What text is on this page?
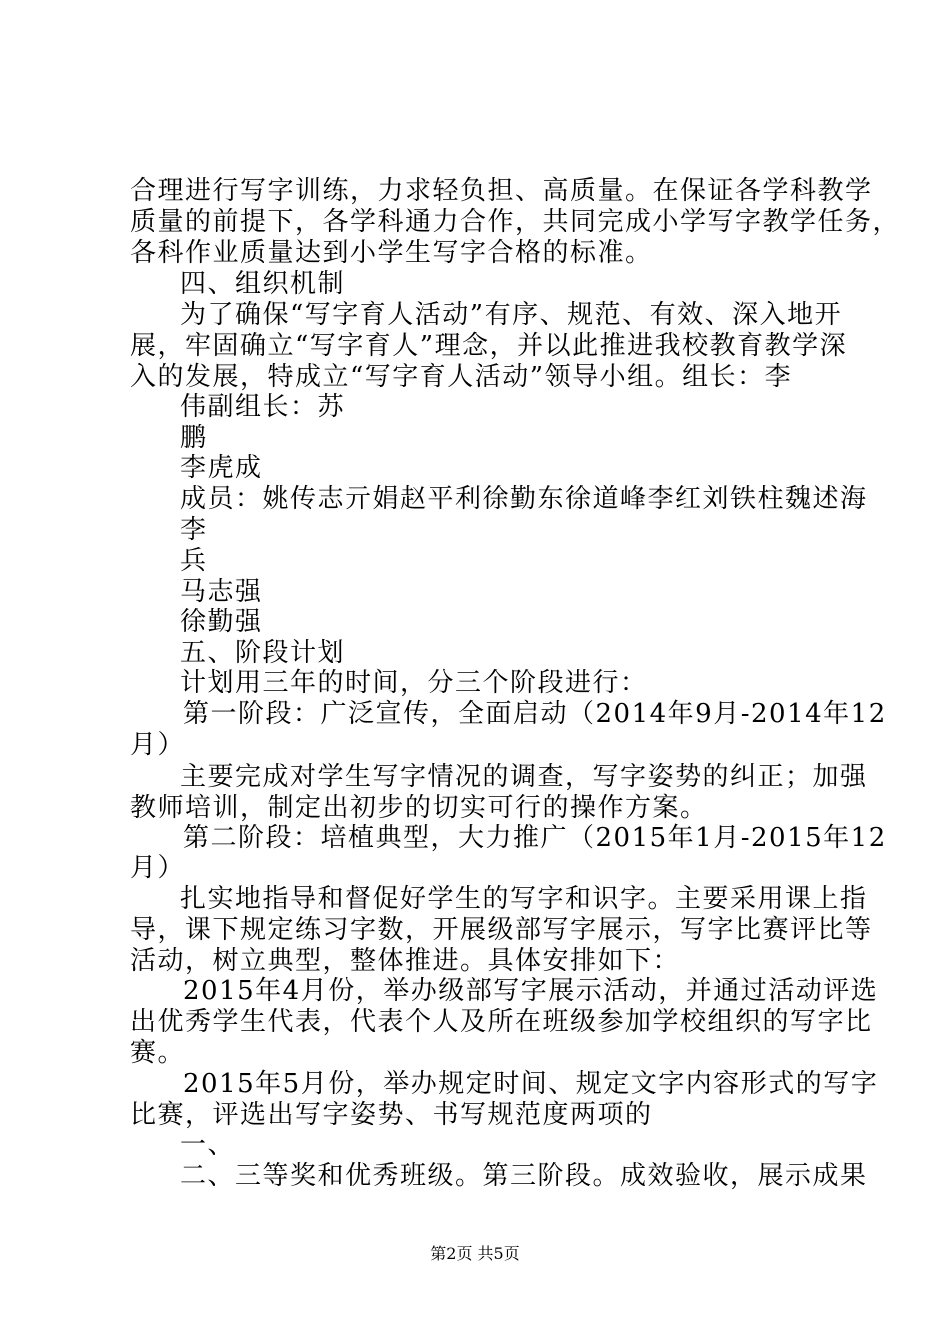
合理进行写字训练，力求轻负担、高质量。在保证各学科教学
质量的前提下，各学科通力合作，共同完成小学写字教学任务，
各科作业质量达到小学生写字合格的标准。
四、组织机制
为了确保“写字育人活动”有序、规范、有效、深入地开
展，牢固确立“写字育人”理念，并以此推进我校教育教学深
入的发展，特成立“写字育人活动”领导小组。组长：李
伟副组长：苏
鹏
李虎成
成员：姚传志亓娟赵平利徐勤东徐道峰李红刘铁柱魏述海
李
兵
马志强
徐勤强
五、阶段计划
计划用三年的时间，分三个阶段进行：
第一阶段：广泛宣传，全面启动（2014年9月-2014年12
月）
主要完成对学生写字情况的调查，写字姿势的纠正；加强
教师培训，制定出初步的切实可行的操作方案。
第二阶段：培植典型，大力推广（2015年1月-2015年12
月）
扎实地指导和督促好学生的写字和识字。主要采用课上指
导，课下规定练习字数，开展级部写字展示，写字比赛评比等
活动，树立典型，整体推进。具体安排如下：
2015年4月份，举办级部写字展示活动，并通过活动评选
出优秀学生代表，代表个人及所在班级参加学校组织的写字比
赛。
2015年5月份，举办规定时间、规定文字内容形式的写字
比赛，评选出写字姿势、书写规范度两项的
一、
二、三等奖和优秀班级。第三阶段。成效验收，展示成果
第2页 共5页
